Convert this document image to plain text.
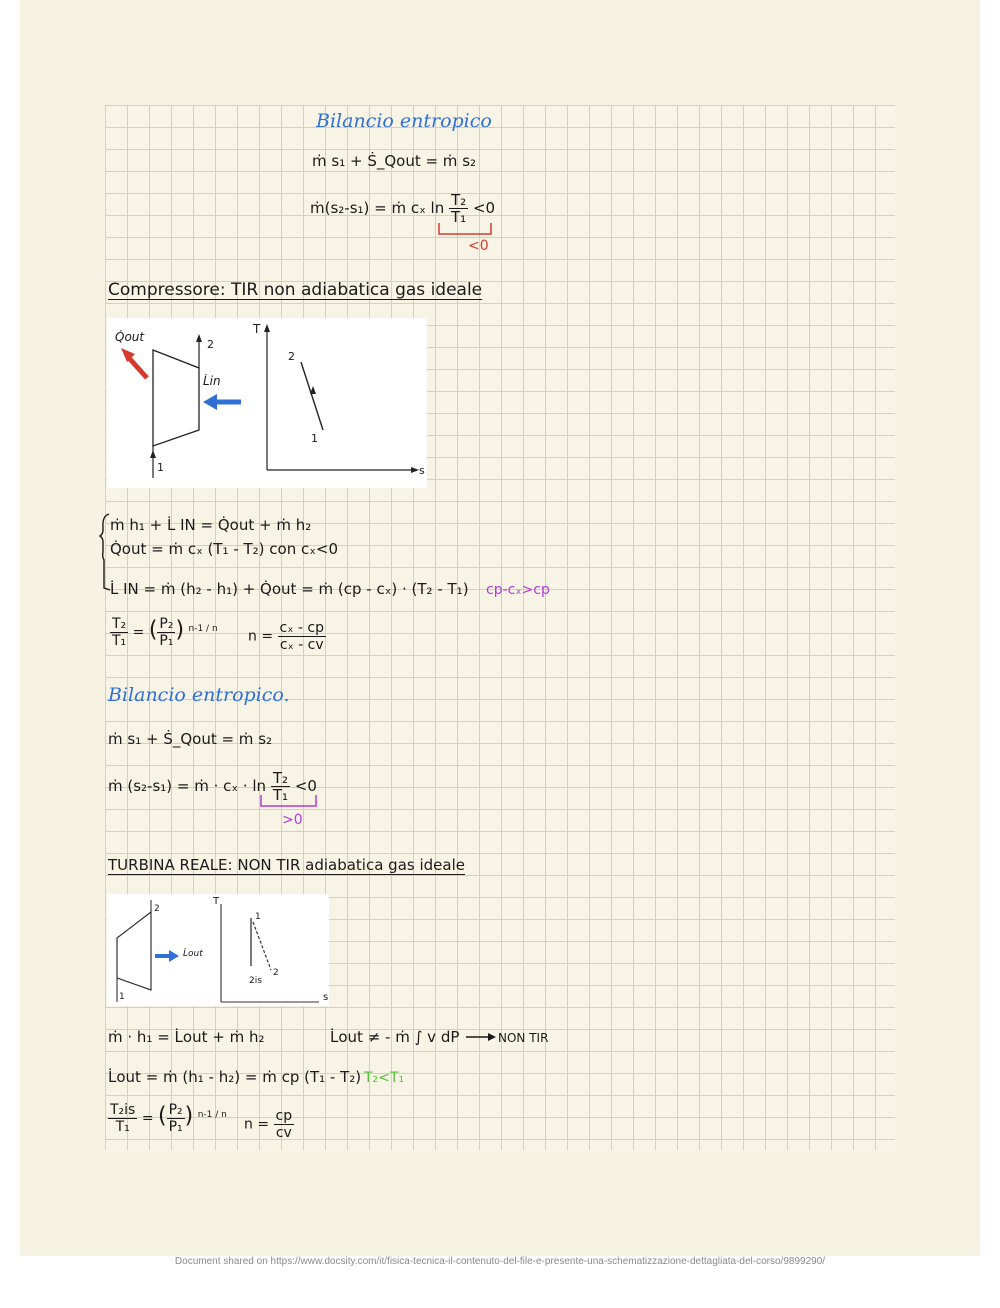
Bilancio entropico
ṁ s₁ + Ṡ_Qout = ṁ s₂
ṁ(s₂-s₁) = ṁ cₓ $\ln \frac{\text{T₂}}{\text{T₁}} <0$
<0
Compressore: TIR non adiabatica gas ideale
Q̇out
2
1
L̇in
T
s
2
1
ṁ h₁ + L̇ IN = Q̇out + ṁ h₂
Q̇out = ṁ cₓ (T₁ - T₂) con cₓ<0
L̇ IN = ṁ (h₂ - h₁) + Q̇out = ṁ (cp - cₓ) · (T₂ - T₁) cp-cₓ>cp
$\frac{\text{T₂}}{\text{T₁}}$ = ( $\frac{\text{P₂}}{\text{P₁}}$ ) $^{n-1 / n}$ $n = \frac{\text{cₓ - cp}}{\text{cₓ - cv}}$
Bilancio entropico.
ṁ s₁ + Ṡ_Qout = ṁ s₂
ṁ (s₂-s₁) = ṁ · $c_x \cdot \ln \frac{\text{T₂}}{\text{T₁}} <0$
>0
TURBINA REALE: NON TIR adiabatica gas ideale
2
1
L̇out
T
s
1
2
2is
ṁ · h₁ = L̇out + ṁ h₂	L̇out ≠ - ṁ ∫ v dP	NON TIR
L̇out = ṁ (h₁ - h₂) = ṁ cp (T₁ - T₂) T₂<T₁
$\frac{\text{T₂is}}{\text{T₁}}$ = ( $\frac{\text{P₂}}{\text{P₁}}$ ) $^{n-1 / n}$
$n = \frac{cp}{cv}$
Document shared on https://www.docsity.com/it/fisica-tecnica-il-contenuto-del-file-e-presente-una-schematizzazione-dettagliata-del-corso/9899290/
